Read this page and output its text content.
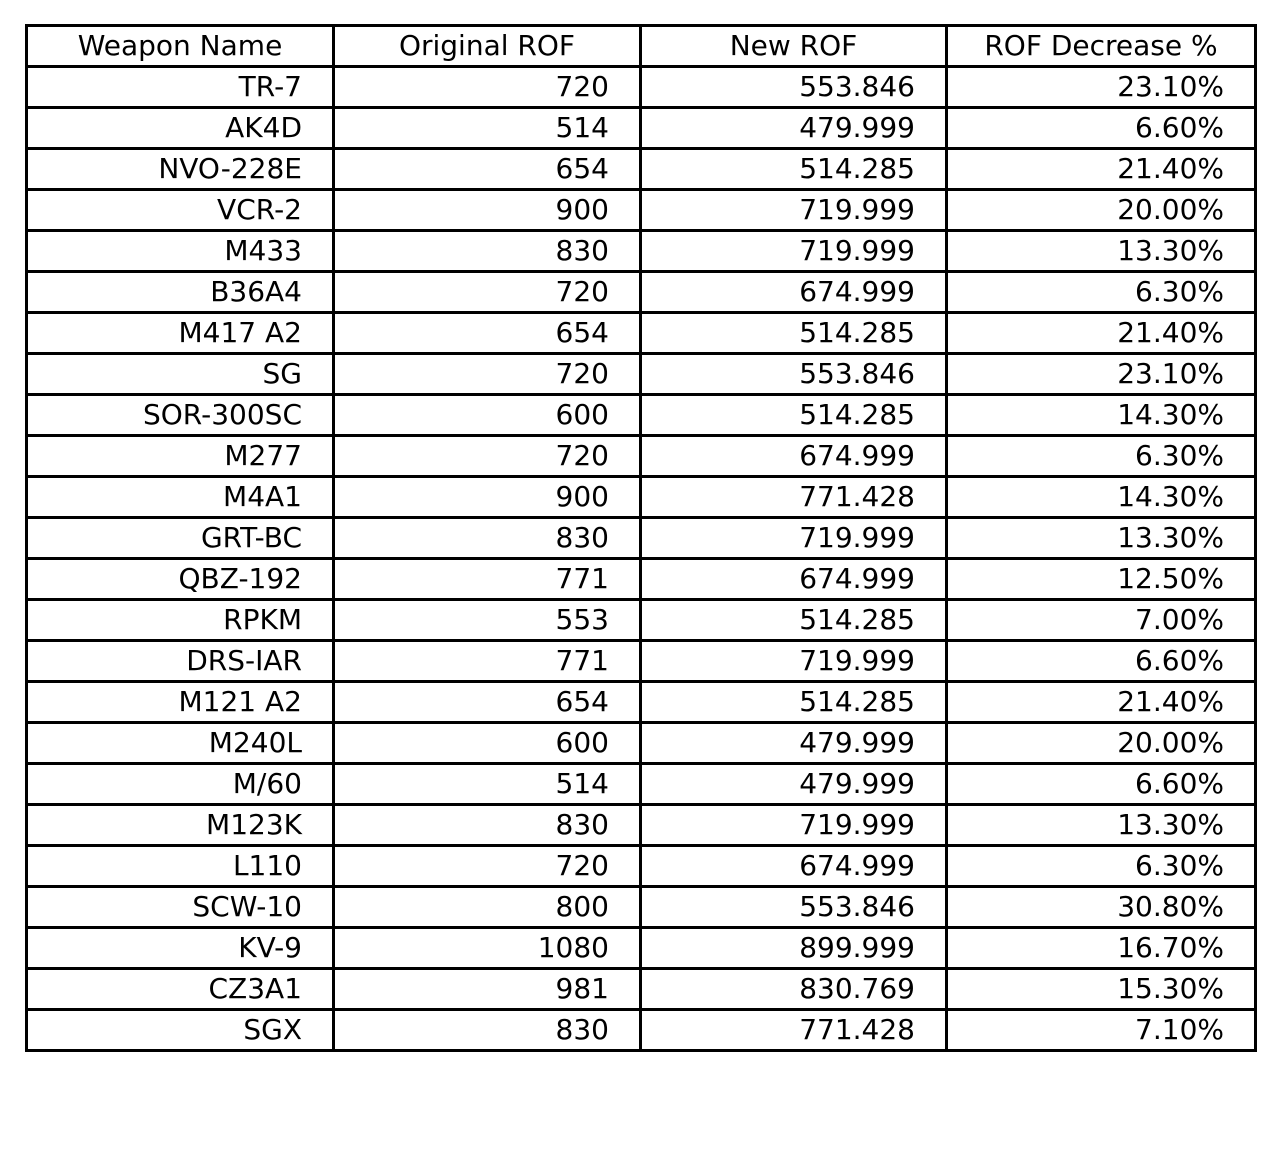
Weapon Name	Original ROF	New ROF	ROF Decrease %
TR-7	720	553.846	23.10%
AK4D	514	479.999	6.60%
NVO-228E	654	514.285	21.40%
VCR-2	900	719.999	20.00%
M433	830	719.999	13.30%
B36A4	720	674.999	6.30%
M417 A2	654	514.285	21.40%
SG	720	553.846	23.10%
SOR-300SC	600	514.285	14.30%
M277	720	674.999	6.30%
M4A1	900	771.428	14.30%
GRT-BC	830	719.999	13.30%
QBZ-192	771	674.999	12.50%
RPKM	553	514.285	7.00%
DRS-IAR	771	719.999	6.60%
M121 A2	654	514.285	21.40%
M240L	600	479.999	20.00%
M/60	514	479.999	6.60%
M123K	830	719.999	13.30%
L110	720	674.999	6.30%
SCW-10	800	553.846	30.80%
KV-9	1080	899.999	16.70%
CZ3A1	981	830.769	15.30%
SGX	830	771.428	7.10%
